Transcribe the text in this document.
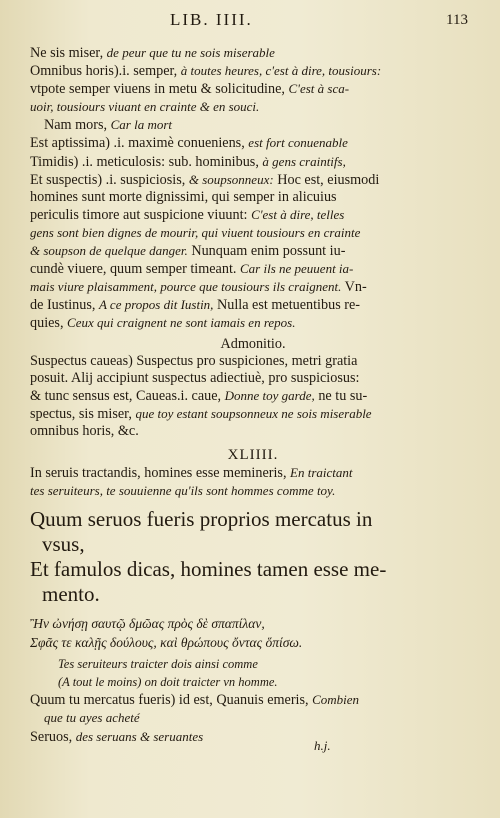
LIB. IIII.	113
Ne sis miser, de peur que tu ne sois miserable
Omnibus horis).i. semper, à toutes heures, c'est à dire, tousiours:
vtpote semper viuens in metu & solicitudine, C'est à sca-
uoir, tousiours viuant en crainte & en souci.
Nam mors, Car la mort
Est aptissima) .i. maximè conueniens, est fort conuenable
Timidis) .i. meticulosis: sub. hominibus, à gens craintifs,
Et suspectis) .i. suspiciosis, & soupsonneux: Hoc est, eiusmodi
homines sunt morte dignissimi, qui semper in alicuius
periculis timore aut suspicione viuunt: C'est à dire, telles
gens sont bien dignes de mourir, qui viuent tousiours en crainte
& soupson de quelque danger. Nunquam enim possunt iu-
cundè viuere, quum semper timeant. Car ils ne peuuent ia-
mais viure plaisamment, pource que tousiours ils craignent. Vn-
de Iustinus, A ce propos dit Iustin, Nulla est metuentibus re-
quies, Ceux qui craignent ne sont iamais en repos.
Admonitio.
Suspectus caueas) Suspectus pro suspiciones, metri gratia
posuit. Alij accipiunt suspectus adiectiuè, pro suspiciosus:
& tunc sensus est, Caueas.i. caue, Donne toy garde, ne tu su-
spectus, sis miser, que toy estant soupsonneux ne sois miserable
omnibus horis, &c.
XLIIII.
In seruis tractandis, homines esse memineris, En traictant
tes seruiteurs, te souuienne qu'ils sont hommes comme toy.
Quum seruos fueris proprios mercatus in
vsus,
Et famulos dicas, homines tamen esse me-
mento.
Ἢν ὠνήσῃ σαυτῷ δμῶας πρὸς δὲ σπαπίλαν,
Σφᾶς τε καλῇς δούλους, καὶ θρώπους ὄντας ὅπίσω.
Tes seruiteurs traicter dois ainsi comme
(A tout le moins) on doit traicter vn homme.
Quum tu mercatus fueris) id est, Quanuis emeris, Combien
que tu ayes acheté
Seruos, des seruans & seruantes
h.j.
